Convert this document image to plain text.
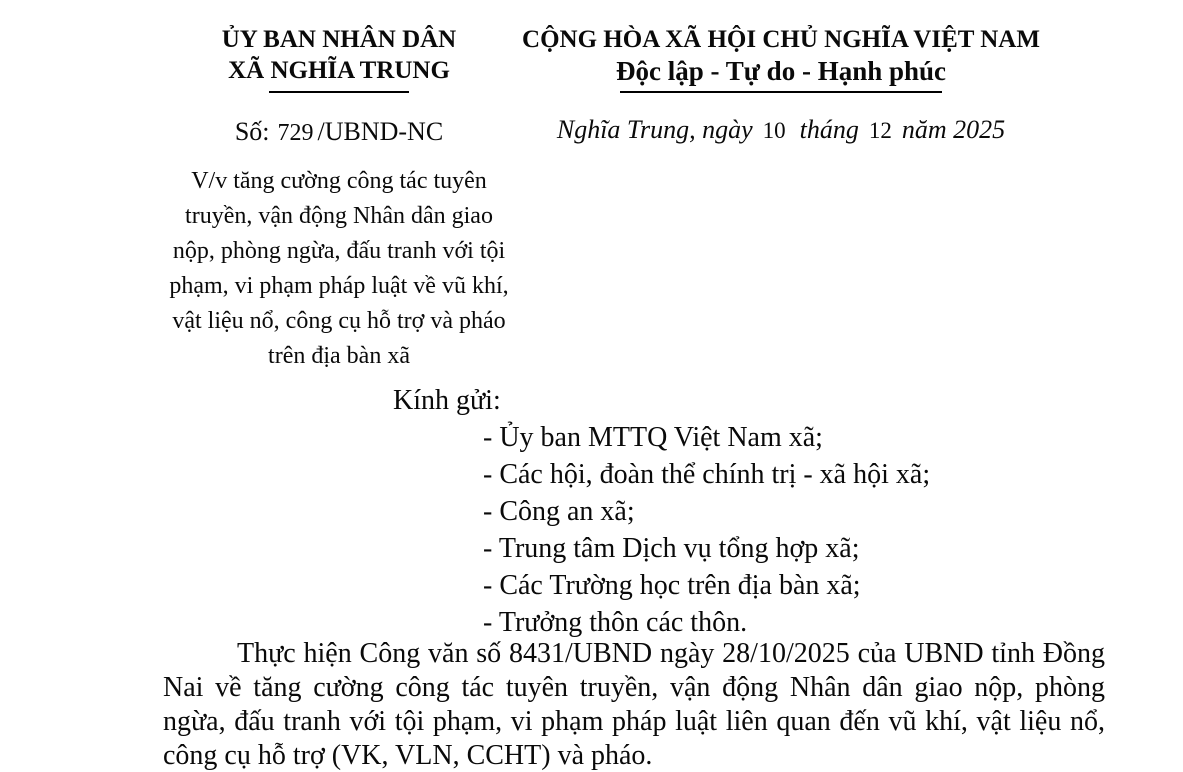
ỦY BAN NHÂN DÂN
XÃ NGHĨA TRUNG
Số: 729 /UBND-NC
V/v tăng cường công tác tuyên truyền, vận động Nhân dân giao nộp, phòng ngừa, đấu tranh với tội phạm, vi phạm pháp luật về vũ khí, vật liệu nổ, công cụ hỗ trợ và pháo trên địa bàn xã
CỘNG HÒA XÃ HỘI CHỦ NGHĨA VIỆT NAM
Độc lập - Tự do - Hạnh phúc
Nghĩa Trung, ngày 10 tháng 12 năm 2025
Kính gửi:
- Ủy ban MTTQ Việt Nam xã;
- Các hội, đoàn thể chính trị - xã hội xã;
- Công an xã;
- Trung tâm Dịch vụ tổng hợp xã;
- Các Trường học trên địa bàn xã;
- Trưởng thôn các thôn.
Thực hiện Công văn số 8431/UBND ngày 28/10/2025 của UBND tỉnh Đồng Nai về tăng cường công tác tuyên truyền, vận động Nhân dân giao nộp, phòng ngừa, đấu tranh với tội phạm, vi phạm pháp luật liên quan đến vũ khí, vật liệu nổ, công cụ hỗ trợ (VK, VLN, CCHT) và pháo.
